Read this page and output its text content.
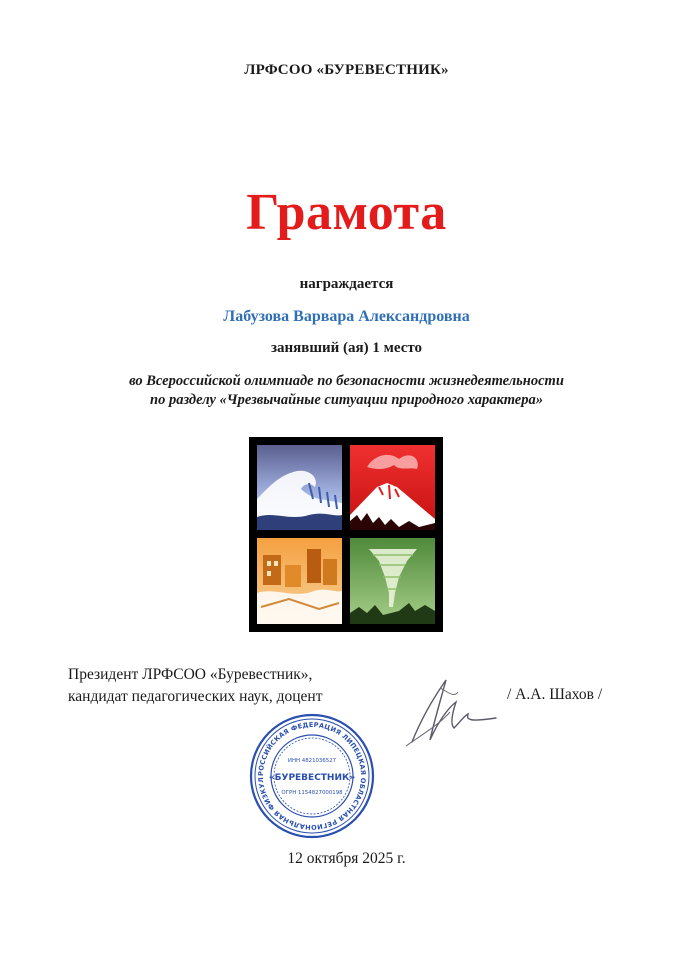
ЛРФСОО «БУРЕВЕСТНИК»
Грамота
награждается
Лабузова Варвара Александровна
занявший (ая) 1 место
во Всероссийской олимпиаде по безопасности жизнедеятельности
по разделу «Чрезвычайные ситуации природного характера»
Президент ЛРФСОО «Буревестник»,
кандидат педагогических наук, доцент	/ А.А. Шахов /
РОССИЙСКАЯ ФЕДЕРАЦИЯ ЛИПЕЦКАЯ ОБЛАСТНАЯ РЕГИОНАЛЬНАЯ ФИЗКУЛ
ИНН 4821036527
«БУРЕВЕСТНИК»
ОГРН 1154827000198
12 октября 2025 г.
